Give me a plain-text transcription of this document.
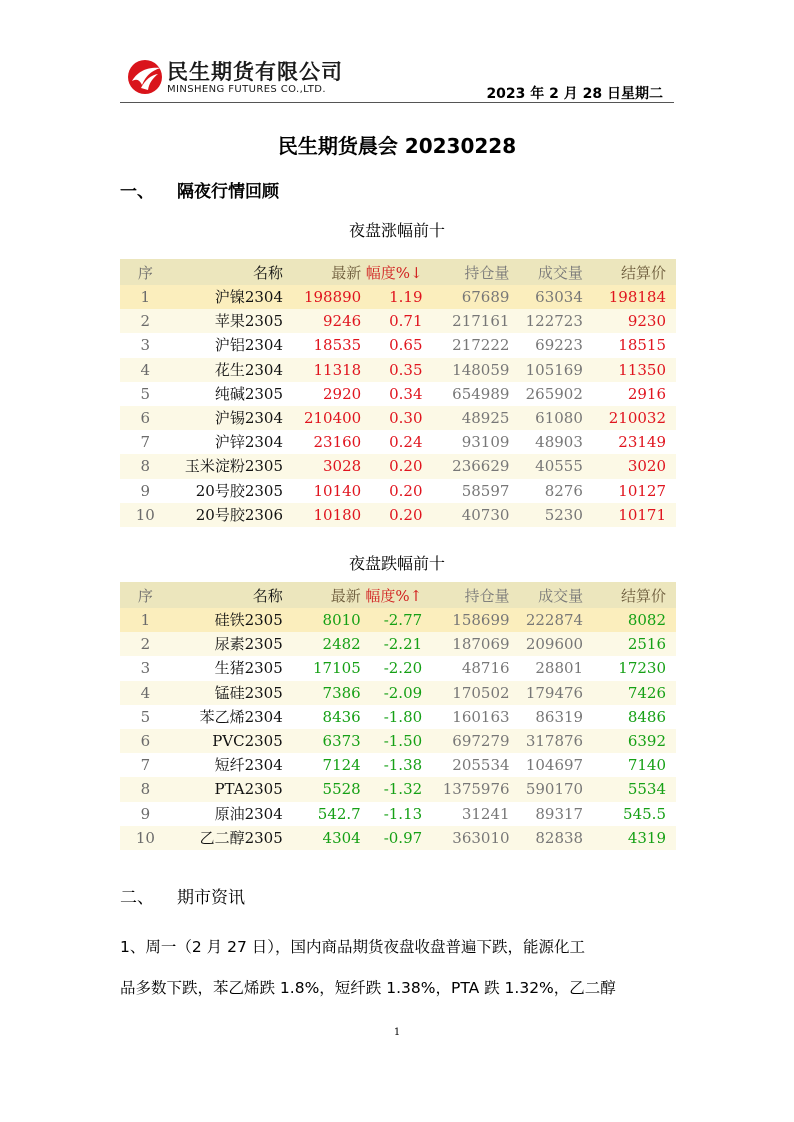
民生期货有限公司
MINSHENG FUTURES CO.,LTD.	2023 年 2 月 28 日星期二
民生期货晨会 20230228
一、 隔夜行情回顾
夜盘涨幅前十
序	名称	最新	幅度%↓	持仓量	成交量	结算价
1	沪镍2304	198890	1.19	67689	63034	198184
2	苹果2305	9246	0.71	217161	122723	9230
3	沪铝2304	18535	0.65	217222	69223	18515
4	花生2304	11318	0.35	148059	105169	11350
5	纯碱2305	2920	0.34	654989	265902	2916
6	沪锡2304	210400	0.30	48925	61080	210032
7	沪锌2304	23160	0.24	93109	48903	23149
8	玉米淀粉2305	3028	0.20	236629	40555	3020
9	20号胶2305	10140	0.20	58597	8276	10127
10	20号胶2306	10180	0.20	40730	5230	10171
夜盘跌幅前十
序	名称	最新	幅度%↑	持仓量	成交量	结算价
1	硅铁2305	8010	-2.77	158699	222874	8082
2	尿素2305	2482	-2.21	187069	209600	2516
3	生猪2305	17105	-2.20	48716	28801	17230
4	锰硅2305	7386	-2.09	170502	179476	7426
5	苯乙烯2304	8436	-1.80	160163	86319	8486
6	PVC2305	6373	-1.50	697279	317876	6392
7	短纤2304	7124	-1.38	205534	104697	7140
8	PTA2305	5528	-1.32	1375976	590170	5534
9	原油2304	542.7	-1.13	31241	89317	545.5
10	乙二醇2305	4304	-0.97	363010	82838	4319
二、 期市资讯
1、周一（2 月 27 日），国内商品期货夜盘收盘普遍下跌，能源化工
品多数下跌，苯乙烯跌 1.8%，短纤跌 1.38%，PTA 跌 1.32%，乙二醇
1
